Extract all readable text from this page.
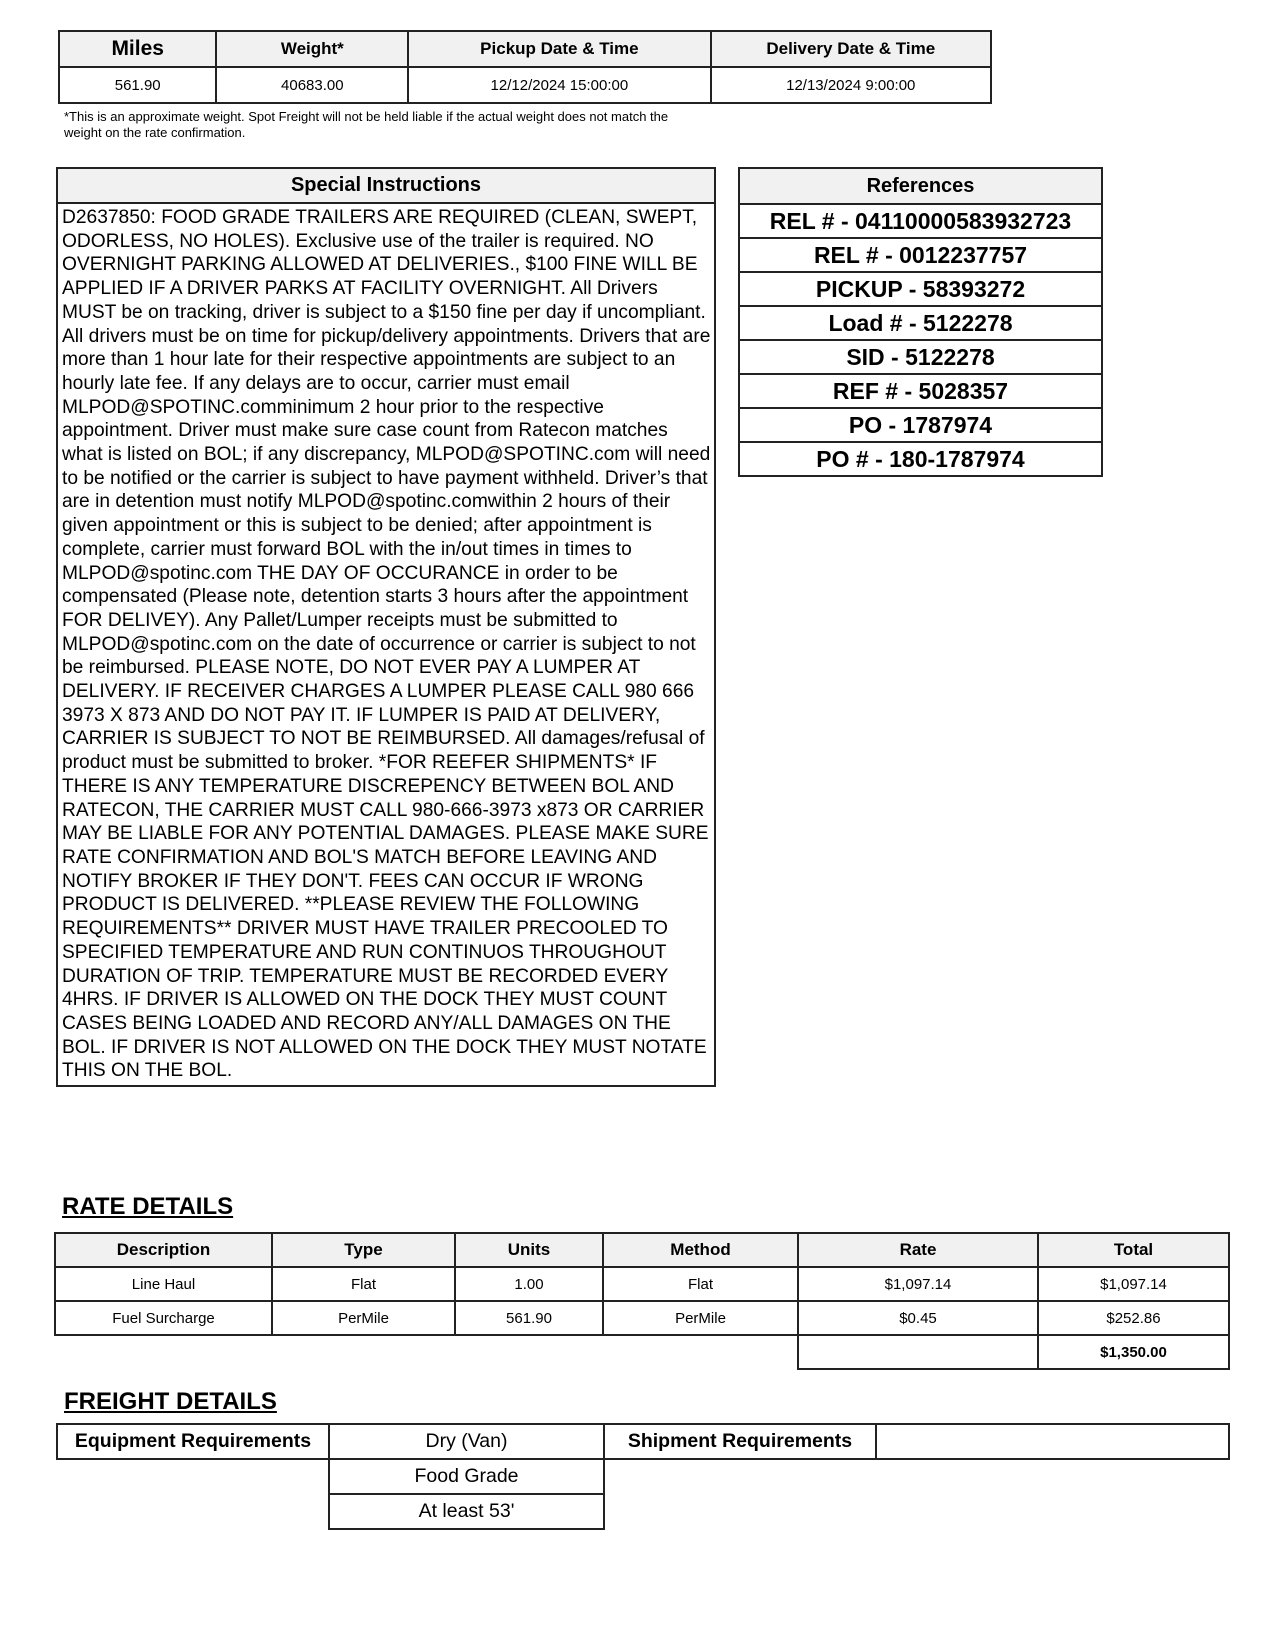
Miles	Weight*	Pickup Date & Time	Delivery Date & Time
561.90	40683.00	12/12/2024 15:00:00	12/13/2024 9:00:00
*This is an approximate weight. Spot Freight will not be held liable if the actual weight does not match the weight on the rate confirmation.
Special Instructions
D2637850: FOOD GRADE TRAILERS ARE REQUIRED (CLEAN, SWEPT, ODORLESS, NO HOLES). Exclusive use of the trailer is required. NO OVERNIGHT PARKING ALLOWED AT DELIVERIES., $100 FINE WILL BE APPLIED IF A DRIVER PARKS AT FACILITY OVERNIGHT. All Drivers MUST be on tracking, driver is subject to a $150 fine per day if uncompliant. All drivers must be on time for pickup/delivery appointments. Drivers that are more than 1 hour late for their respective appointments are subject to an hourly late fee. If any delays are to occur, carrier must email MLPOD@SPOTINC.comminimum 2 hour prior to the respective appointment. Driver must make sure case count from Ratecon matches what is listed on BOL; if any discrepancy, MLPOD@SPOTINC.com will need to be notified or the carrier is subject to have payment withheld. Driver’s that are in detention must notify MLPOD@spotinc.comwithin 2 hours of their given appointment or this is subject to be denied; after appointment is complete, carrier must forward BOL with the in/out times in times to MLPOD@spotinc.com THE DAY OF OCCURANCE in order to be compensated (Please note, detention starts 3 hours after the appointment FOR DELIVEY). Any Pallet/Lumper receipts must be submitted to MLPOD@spotinc.com on the date of occurrence or carrier is subject to not be reimbursed. PLEASE NOTE, DO NOT EVER PAY A LUMPER AT DELIVERY. IF RECEIVER CHARGES A LUMPER PLEASE CALL 980 666 3973 X 873 AND DO NOT PAY IT. IF LUMPER IS PAID AT DELIVERY, CARRIER IS SUBJECT TO NOT BE REIMBURSED. All damages/refusal of product must be submitted to broker. *FOR REEFER SHIPMENTS* IF THERE IS ANY TEMPERATURE DISCREPENCY BETWEEN BOL AND RATECON, THE CARRIER MUST CALL 980-666-3973 x873 OR CARRIER MAY BE LIABLE FOR ANY POTENTIAL DAMAGES. PLEASE MAKE SURE RATE CONFIRMATION AND BOL'S MATCH BEFORE LEAVING AND NOTIFY BROKER IF THEY DON'T. FEES CAN OCCUR IF WRONG PRODUCT IS DELIVERED. **PLEASE REVIEW THE FOLLOWING REQUIREMENTS** DRIVER MUST HAVE TRAILER PRECOOLED TO SPECIFIED TEMPERATURE AND RUN CONTINUOS THROUGHOUT DURATION OF TRIP. TEMPERATURE MUST BE RECORDED EVERY 4HRS. IF DRIVER IS ALLOWED ON THE DOCK THEY MUST COUNT CASES BEING LOADED AND RECORD ANY/ALL DAMAGES ON THE BOL. IF DRIVER IS NOT ALLOWED ON THE DOCK THEY MUST NOTATE THIS ON THE BOL.
References
REL # - 04110000583932723
REL # - 0012237757
PICKUP - 58393272
Load # - 5122278
SID - 5122278
REF # - 5028357
PO - 1787974
PO # - 180-1787974
RATE DETAILS
Description	Type	Units	Method	Rate	Total
Line Haul	Flat	1.00	Flat	$1,097.14	$1,097.14
Fuel Surcharge	PerMile	561.90	PerMile	$0.45	$252.86
					$1,350.00
FREIGHT DETAILS
Equipment Requirements	Dry (Van)	Shipment Requirements	
	Food Grade		
	At least 53'		
